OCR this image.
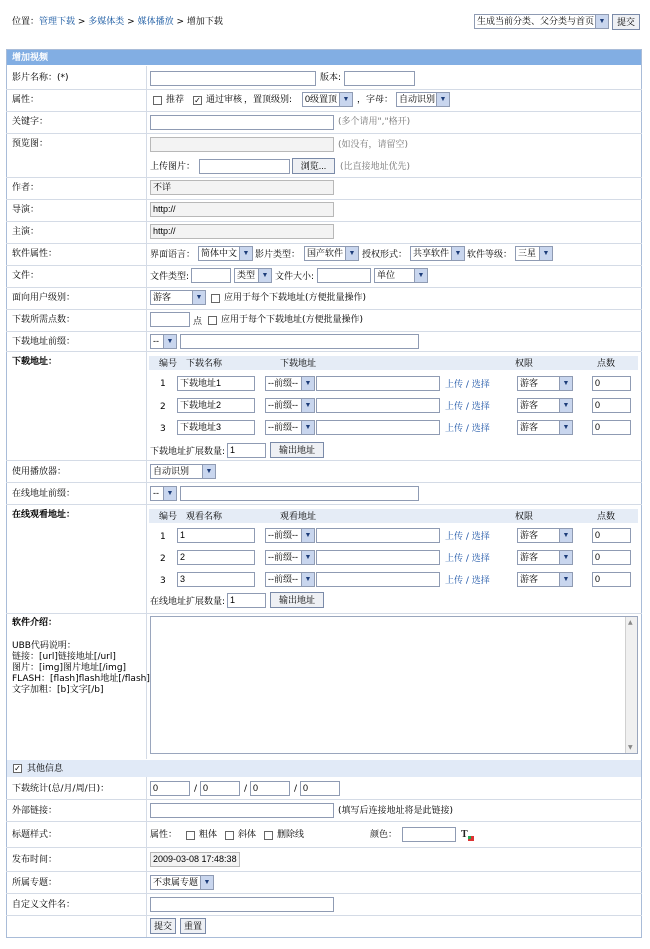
位置：管理下载 > 多媒体类 > 媒体播放 > 增加下载	生成当前分类、父分类与首页 ▼	提交
增加视频
影片名称：(*)	版本:
属性：	推荐 ✓ 通过审核 ，置顶级别:	0级置顶 ▼ ，字母： 自动识别 ▼
关键字：	(多个请用","格开)
预览图：	(如没有，请留空)
上传图片：	浏览...	(比直接地址优先)
作者：	不详
导演：	http://
主演：	http://
软件属性：	界面语言： 简体中文 ▼ 影片类型： 国产软件 ▼ 授权形式： 共享软件 ▼ 软件等级： 三星 ▼
文件：	文件类型:	类型 ▼ 文件大小:	单位	▼
面向用户级别：	游客	▼ 应用于每个下载地址(方便批量操作)
下载所需点数：	点 应用于每个下载地址(方便批量操作)
下载地址前缀：	--	▼
下载地址：	编号 下载名称	下载地址	权限	点数
1	下载地址1	--前缀-- ▼	上传 / 选择	游客	▼	0
2	下载地址2	--前缀-- ▼	上传 / 选择	游客	▼	0
3	下载地址3	--前缀-- ▼	上传 / 选择	游客	▼	0
下载地址扩展数量: 1	输出地址
使用播放器：	自动识别	▼
在线地址前缀：	--	▼
在线观看地址：	编号 观看名称	观看地址	权限	点数
1	1	--前缀-- ▼	上传 / 选择	游客	▼	0
2	2	--前缀-- ▼	上传 / 选择	游客	▼	0
3	3	--前缀-- ▼	上传 / 选择	游客	▼	0
在线地址扩展数量: 1	输出地址
软件介绍：
UBB代码说明：
链接：[url]链接地址[/url]
图片：[img]图片地址[/img]
FLASH：[flash]flash地址[/flash]
文字加粗：[b]文字[/b]
▲
▼
✓ 其他信息
下载统计(总/月/周/日)：	0	/ 0	/ 0	/ 0
外部链接：	(填写后连接地址将是此链接)
标题样式：	属性： 粗体 斜体 删除线	颜色：	T
发布时间：	2009-03-08 17:48:38
所属专题：	不隶属专题 ▼
自定义文件名：
提交	重置
